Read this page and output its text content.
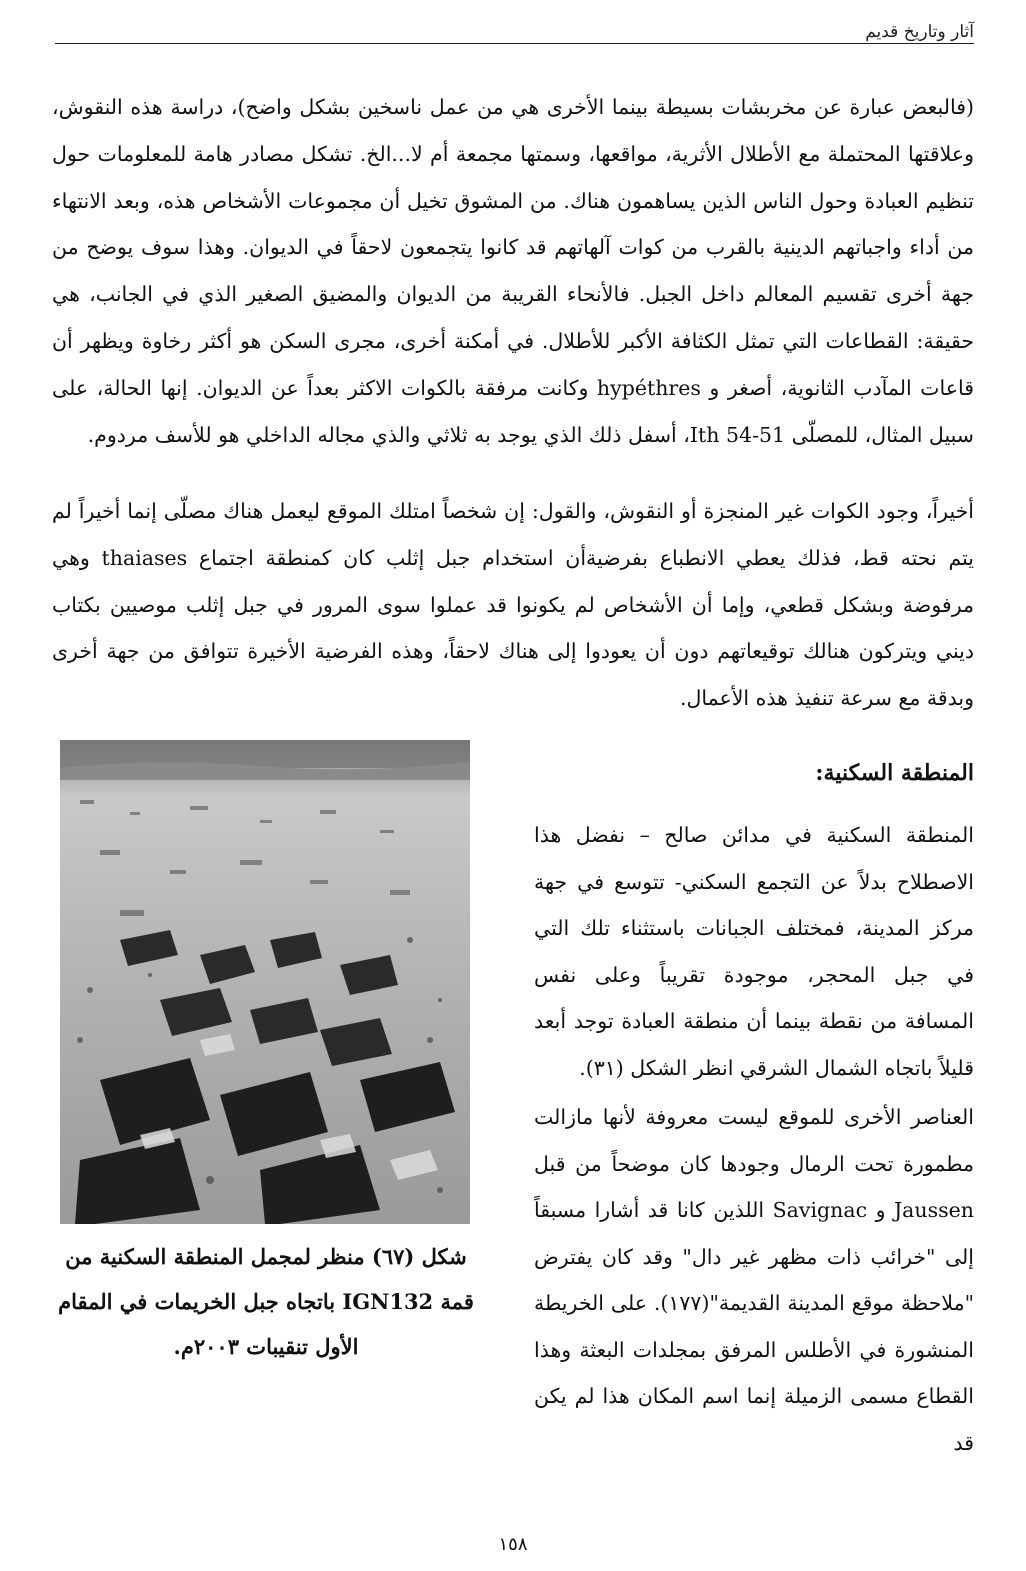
آثار وتاريخ قديم

(فالبعض عبارة عن مخربشات بسيطة بينما الأخرى هي من عمل ناسخين بشكل واضح)، دراسة هذه النقوش، وعلاقتها المحتملة مع الأطلال الأثرية، مواقعها، وسمتها مجمعة أم لا...الخ. تشكل مصادر هامة للمعلومات حول تنظيم العبادة وحول الناس الذين يساهمون هناك. من المشوق تخيل أن مجموعات الأشخاص هذه، وبعد الانتهاء من أداء واجباتهم الدينية بالقرب من كوات آلهاتهم قد كانوا يتجمعون لاحقاً في الديوان. وهذا سوف يوضح من جهة أخرى تقسيم المعالم داخل الجبل. فالأنحاء القريبة من الديوان والمضيق الصغير الذي في الجانب، هي حقيقة: القطاعات التي تمثل الكثافة الأكبر للأطلال. في أمكنة أخرى، مجرى السكن هو أكثر رخاوة ويظهر أن قاعات المآدب الثانوية، أصغر و hypéthres وكانت مرفقة بالكوات الاكثر بعداً عن الديوان. إنها الحالة، على سبيل المثال، للمصلّى 51-54 Ith، أسفل ذلك الذي يوجد به ثلاثي والذي مجاله الداخلي هو للأسف مردوم.

أخيراً، وجود الكوات غير المنجزة أو النقوش، والقول: إن شخصاً امتلك الموقع ليعمل هناك مصلّى إنما أخيراً لم يتم نحته قط، فذلك يعطي الانطباع بفرضيةأن استخدام جبل إثلب كان كمنطقة اجتماع thaiases وهي مرفوضة وبشكل قطعي، وإما أن الأشخاص لم يكونوا قد عملوا سوى المرور في جبل إثلب موصيين بكتاب ديني ويتركون هنالك توقيعاتهم دون أن يعودوا إلى هناك لاحقاً، وهذه الفرضية الأخيرة تتوافق من جهة أخرى وبدقة مع سرعة تنفيذ هذه الأعمال.

المنطقة السكنية:

المنطقة السكنية في مدائن صالح – نفضل هذا الاصطلاح بدلاً عن التجمع السكني- تتوسع في جهة مركز المدينة، فمختلف الجبانات باستثناء تلك التي في جبل المحجر، موجودة تقريباً وعلى نفس المسافة من نقطة بينما أن منطقة العبادة توجد أبعد قليلاً باتجاه الشمال الشرقي انظر الشكل (٣١).

العناصر الأخرى للموقع ليست معروفة لأنها مازالت مطمورة تحت الرمال وجودها كان موضحاً من قبل Jaussen و Savignac اللذين كانا قد أشارا مسبقاً إلى "خرائب ذات مظهر غير دال" وقد كان يفترض "ملاحظة موقع المدينة القديمة"(١٧٧). على الخريطة المنشورة في الأطلس المرفق بمجلدات البعثة وهذا القطاع مسمى الزميلة إنما اسم المكان هذا لم يكن قد

شكل (٦٧) منظر لمجمل المنطقة السكنية من
قمة IGN132 باتجاه جبل الخريمات في المقام
الأول تنقيبات ٢٠٠٣م.
١٥٨
